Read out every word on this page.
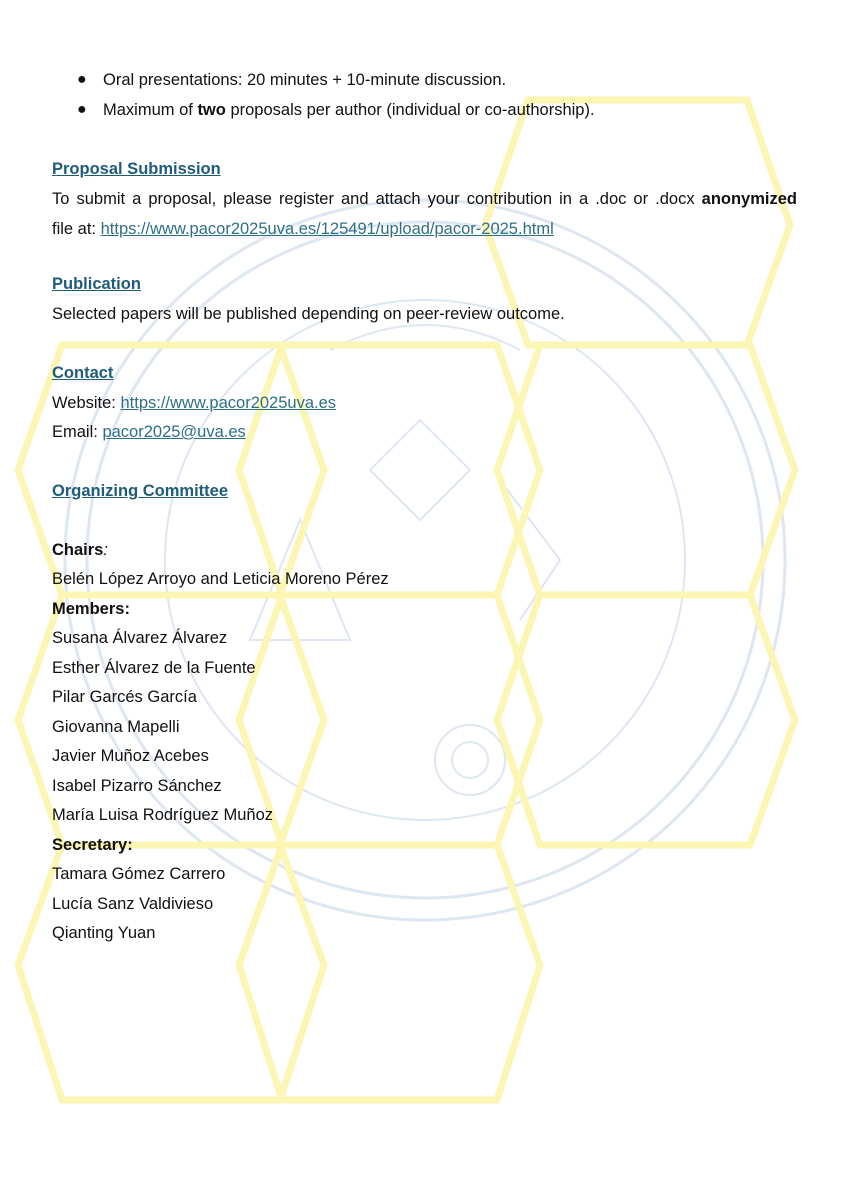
● Oral presentations: 20 minutes + 10-minute discussion.
● Maximum of two proposals per author (individual or co-authorship).
Proposal Submission
To submit a proposal, please register and attach your contribution in a .doc or .docx anonymized
file at: https://www.pacor2025uva.es/125491/upload/pacor-2025.html
Publication
Selected papers will be published depending on peer-review outcome.
Contact
Website: https://www.pacor2025uva.es
Email: pacor2025@uva.es
Organizing Committee
Chairs:
Belén López Arroyo and Leticia Moreno Pérez
Members:
Susana Álvarez Álvarez
Esther Álvarez de la Fuente
Pilar Garcés García
Giovanna Mapelli
Javier Muñoz Acebes
Isabel Pizarro Sánchez
María Luisa Rodríguez Muñoz
Secretary:
Tamara Gómez Carrero
Lucía Sanz Valdivieso
Qianting Yuan
